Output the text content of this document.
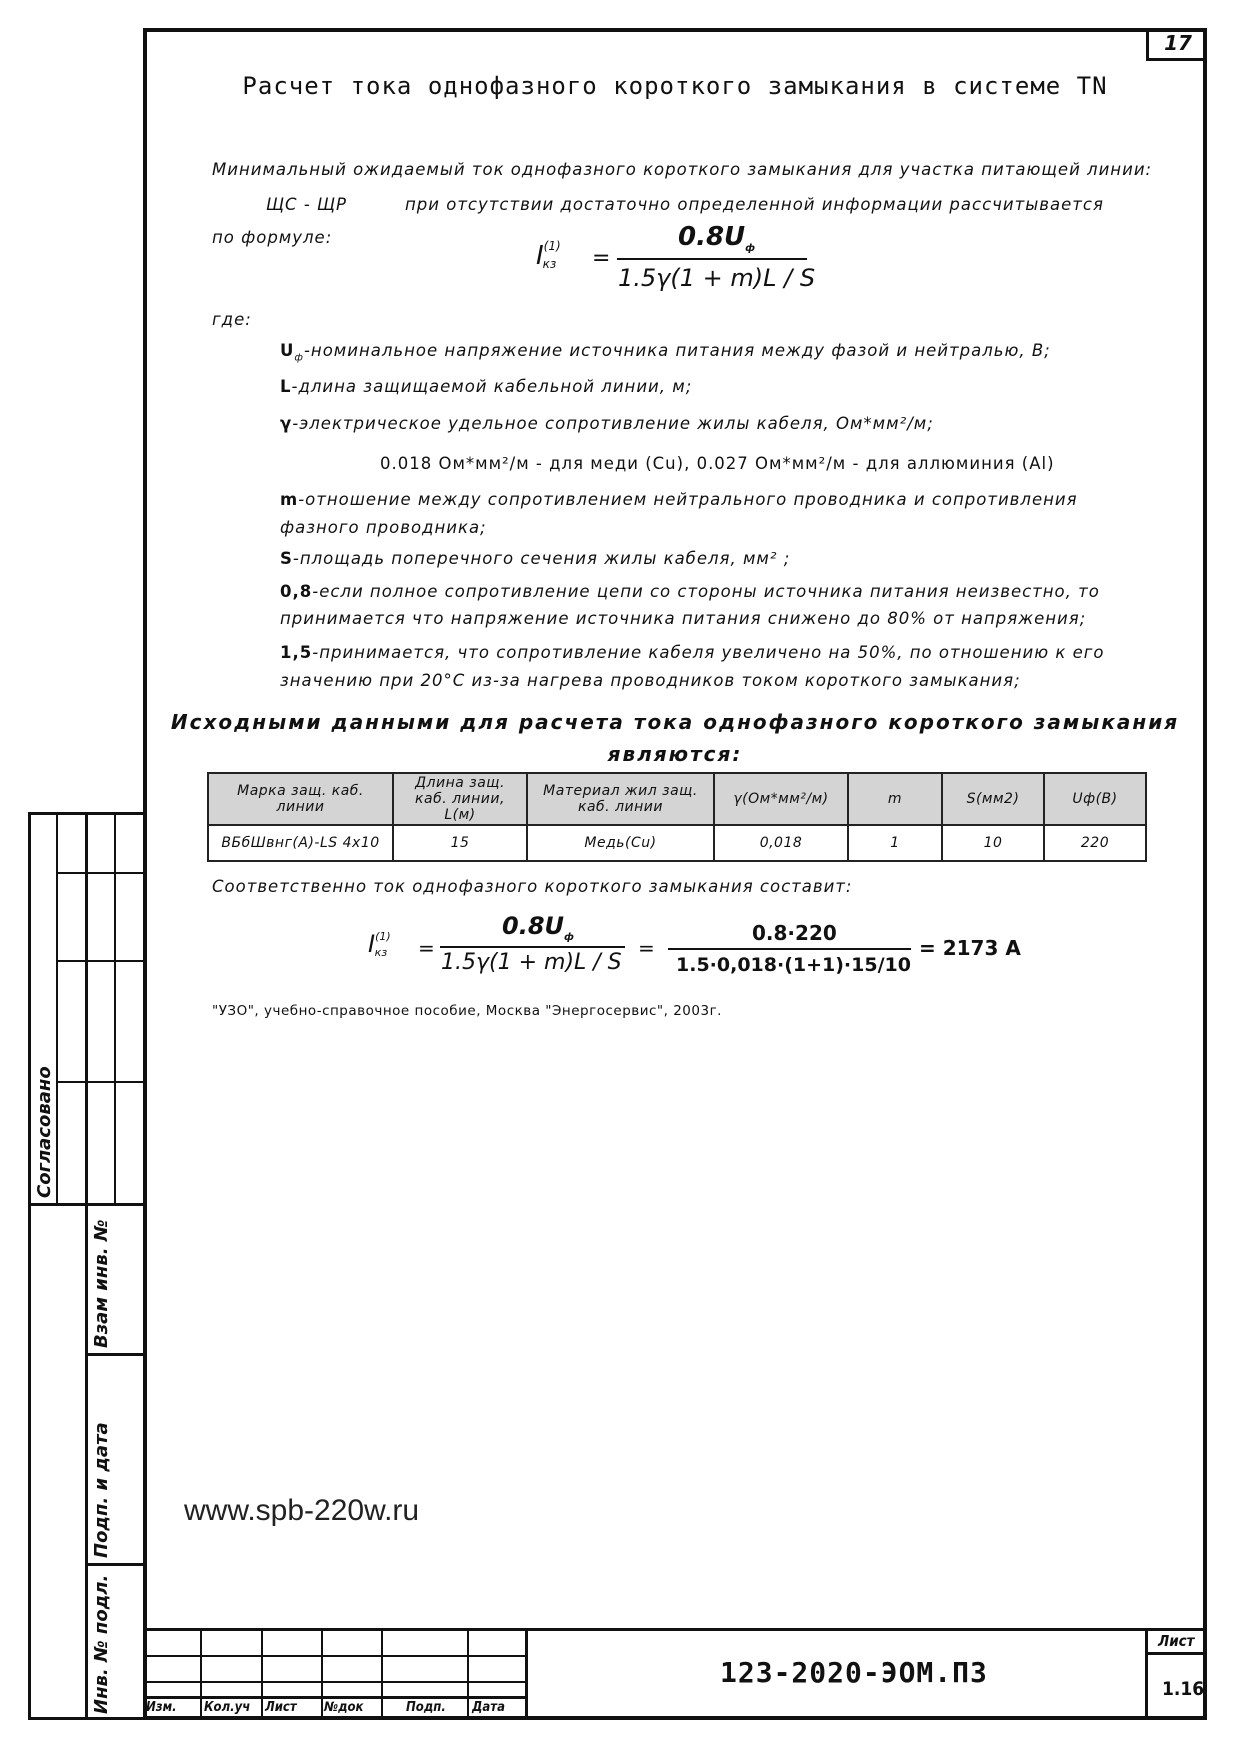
17
Расчет тока однофазного короткого замыкания в системе TN
Минимальный ожидаемый ток однофазного короткого замыкания для участка питающей линии:
ЩС - ЩР	при отсутствии достаточно определенной информации рассчитывается
по формуле:
$I^{(1)}кз$	=
$0.8U_ф$
1.5γ(1 + m)L / S
где:
$U_ф$-номинальное напряжение источника питания между фазой и нейтралью, В;
L-длина защищаемой кабельной линии, м;
γ-электрическое удельное сопротивление жилы кабеля, Ом*мм²/м;
0.018 Ом*мм²/м - для меди (Cu), 0.027 Ом*мм²/м - для аллюминия (Al)
m-отношение между сопротивлением нейтрального проводника и сопротивления
фазного проводника;
S-площадь поперечного сечения жилы кабеля, мм² ;
0,8-если полное сопротивление цепи со стороны источника питания неизвестно, то
принимается что напряжение источника питания снижено до 80% от напряжения;
1,5-принимается, что сопротивление кабеля увеличено на 50%, по отношению к его
значению при 20°С из-за нагрева проводников током короткого замыкания;
Исходными данными для расчета тока однофазного короткого замыкания
являются:
Марка защ. каб. линии	Длина защ. каб. линии, L(м)	Материал жил защ. каб. линии	γ(Ом*мм²/м)	m	S(мм2)	Uф(В)
ВБбШвнг(А)-LS 4х10	15	Медь(Cu)	0,018	1	10	220
Соответственно ток однофазного короткого замыкания составит:
$I^{(1)}кз$	=
$0.8U_ф$
1.5γ(1 + m)L / S
=
0.8·220
1.5·0,018·(1+1)·15/10
= 2173 А
"УЗО", учебно-справочное пособие, Москва "Энергосервис", 2003г.
www.spb-220w.ru
Согласовано
Взам инв. №
Подп. и дата
Инв. № подл.	Изм. Кол.уч Лист №док	Подп. Дата
123-2020-ЭОМ.ПЗ
Лист
1.16
